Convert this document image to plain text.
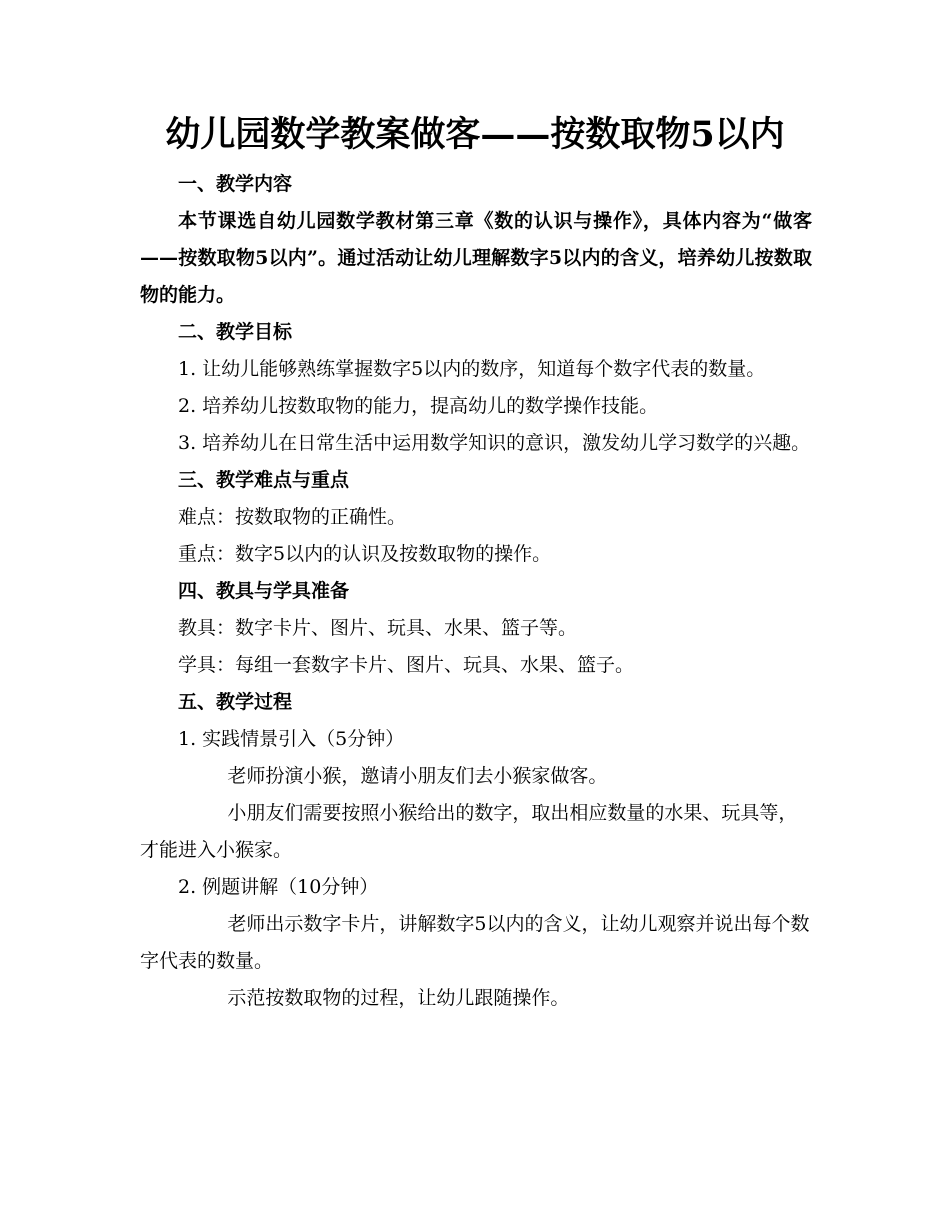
幼儿园数学教案做客——按数取物5以内

一、教学内容

本节课选自幼儿园数学教材第三章《数的认识与操作》，具体内容为“做客——按数取物5以内”。通过活动让幼儿理解数字5以内的含义，培养幼儿按数取物的能力。

二、教学目标

1. 让幼儿能够熟练掌握数字5以内的数序，知道每个数字代表的数量。

2. 培养幼儿按数取物的能力，提高幼儿的数学操作技能。

3. 培养幼儿在日常生活中运用数学知识的意识，激发幼儿学习数学的兴趣。

三、教学难点与重点

难点：按数取物的正确性。

重点：数字5以内的认识及按数取物的操作。

四、教具与学具准备

教具：数字卡片、图片、玩具、水果、篮子等。

学具：每组一套数字卡片、图片、玩具、水果、篮子。

五、教学过程

1. 实践情景引入（5分钟）

老师扮演小猴，邀请小朋友们去小猴家做客。

小朋友们需要按照小猴给出的数字，取出相应数量的水果、玩具等，才能进入小猴家。

2. 例题讲解（10分钟）

老师出示数字卡片，讲解数字5以内的含义，让幼儿观察并说出每个数字代表的数量。

示范按数取物的过程，让幼儿跟随操作。
